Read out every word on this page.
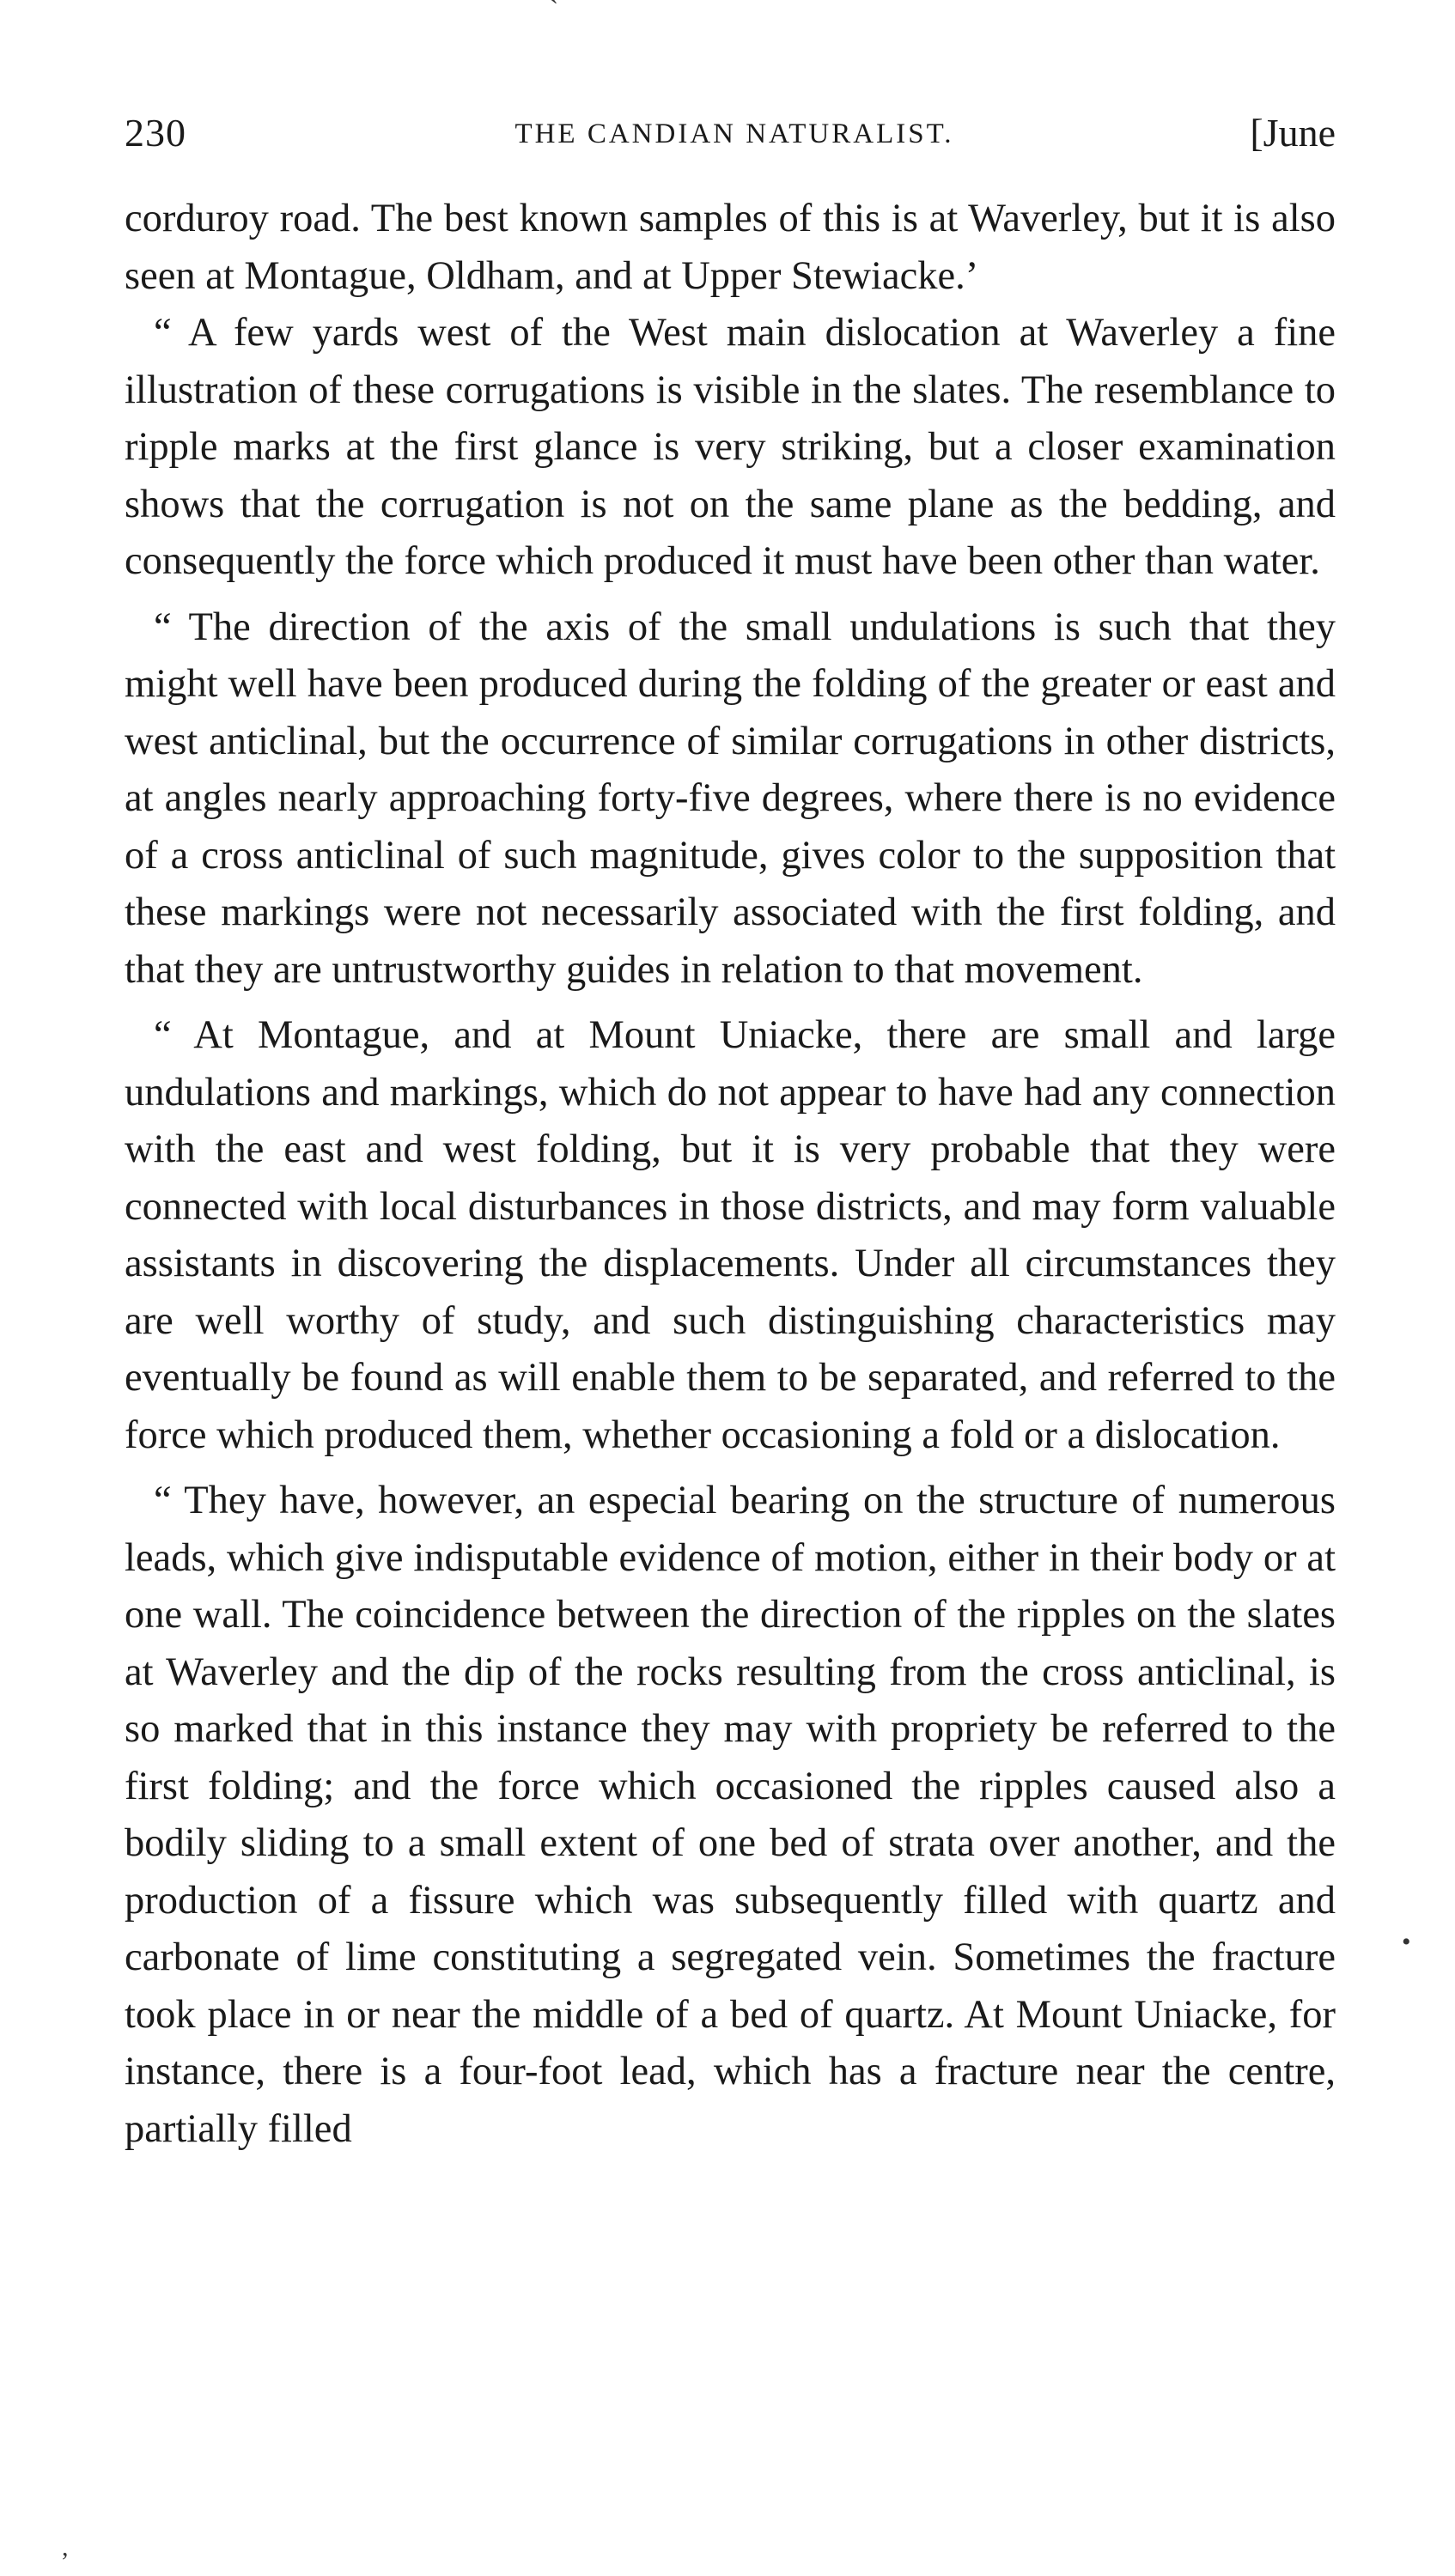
230	THE CANDIAN NATURALIST.	[June

corduroy road. The best known samples of this is at Waverley, but it is also seen at Montague, Oldham, and at Upper Stewiacke.’

“ A few yards west of the West main dislocation at Waverley a fine illustration of these corrugations is visible in the slates. The resemblance to ripple marks at the first glance is very striking, but a closer examination shows that the corrugation is not on the same plane as the bedding, and consequently the force which produced it must have been other than water.

“ The direction of the axis of the small undulations is such that they might well have been produced during the folding of the greater or east and west anticlinal, but the occurrence of similar corrugations in other districts, at angles nearly approaching forty-five degrees, where there is no evidence of a cross anticlinal of such magnitude, gives color to the supposition that these markings were not necessarily associated with the first folding, and that they are untrustworthy guides in relation to that movement.

“ At Montague, and at Mount Uniacke, there are small and large undulations and markings, which do not appear to have had any connection with the east and west folding, but it is very probable that they were connected with local disturbances in those districts, and may form valuable assistants in discovering the displacements. Under all circumstances they are well worthy of study, and such distinguishing characteristics may eventually be found as will enable them to be separated, and referred to the force which produced them, whether occasioning a fold or a dislocation.

“ They have, however, an especial bearing on the structure of numerous leads, which give indisputable evidence of motion, either in their body or at one wall. The coincidence between the direction of the ripples on the slates at Waverley and the dip of the rocks resulting from the cross anticlinal, is so marked that in this instance they may with propriety be referred to the first folding; and the force which occasioned the ripples caused also a bodily sliding to a small extent of one bed of strata over another, and the production of a fissure which was subsequently filled with quartz and carbonate of lime constituting a segregated vein. Sometimes the fracture took place in or near the middle of a bed of quartz. At Mount Uniacke, for instance, there is a four-foot lead, which has a fracture near the centre, partially filled

`
•
,
